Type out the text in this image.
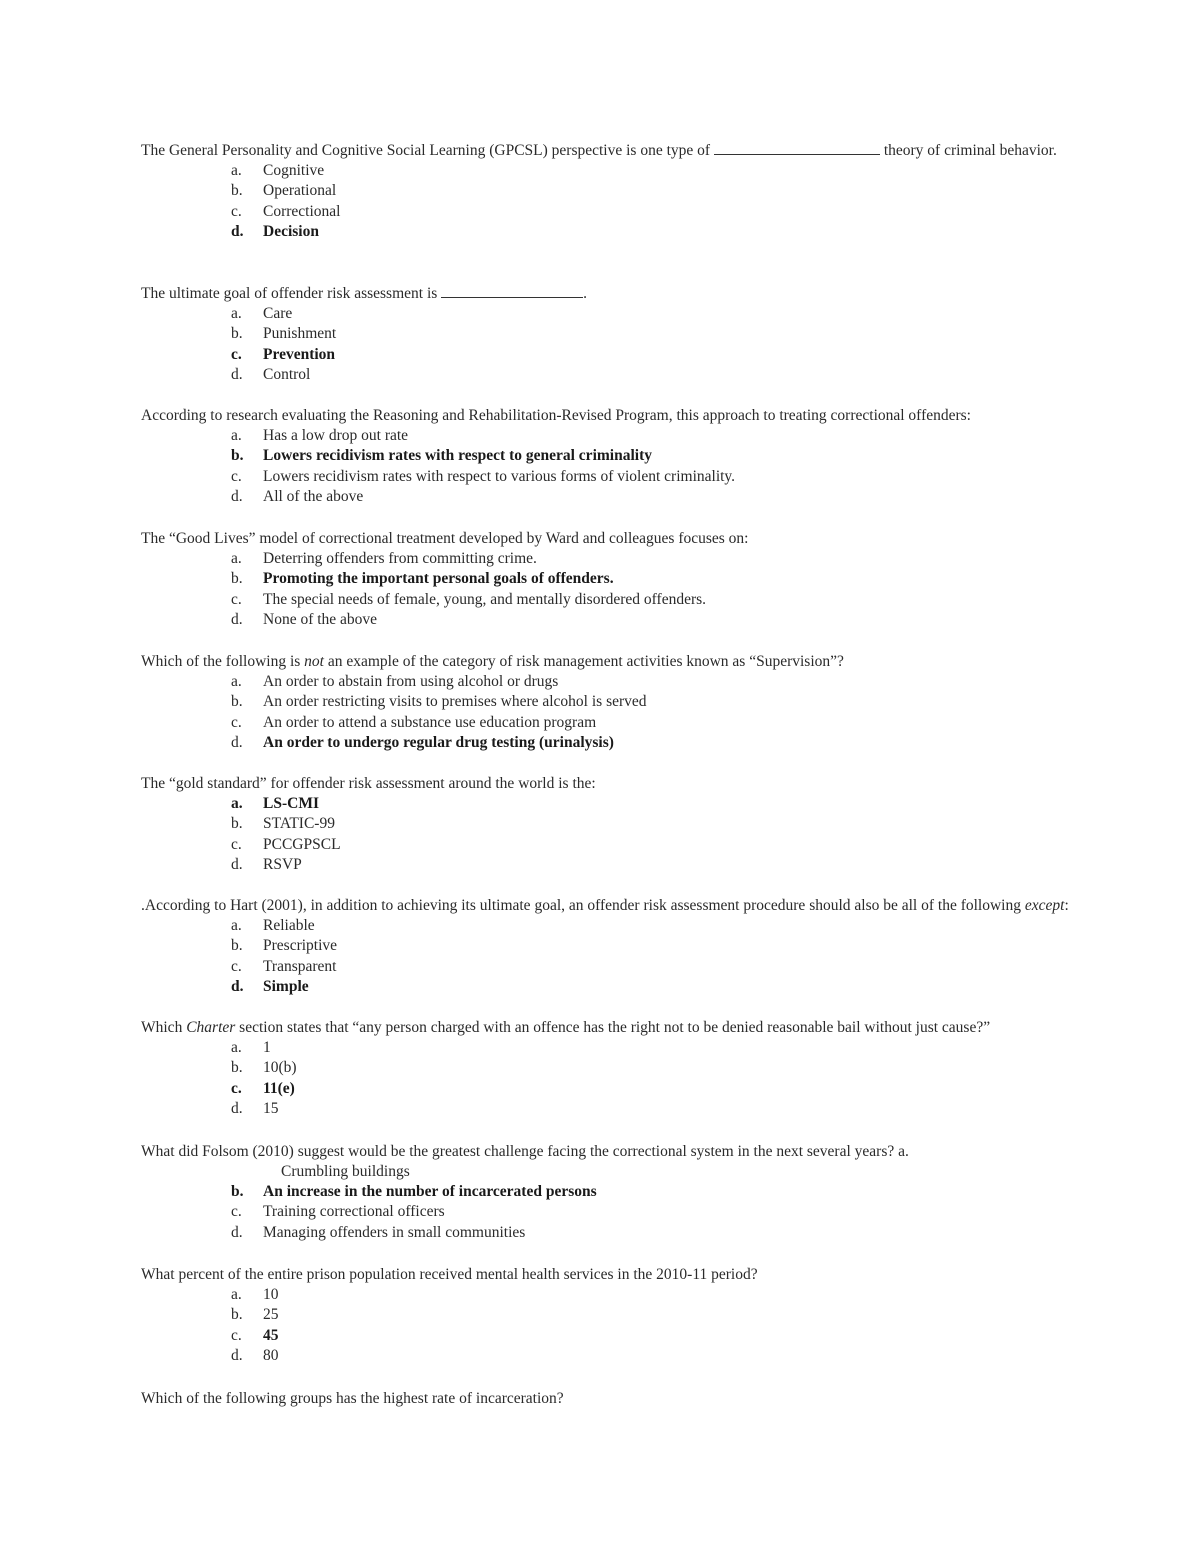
The General Personality and Cognitive Social Learning (GPCSL) perspective is one type of	theory of criminal behavior.

a.	Cognitive
b.	Operational
c.	Correctional
d.	Decision

The ultimate goal of offender risk assessment is	.

a.	Care
b.	Punishment
c.	Prevention
d.	Control

According to research evaluating the Reasoning and Rehabilitation-Revised Program, this approach to treating correctional offenders:

a.	Has a low drop out rate
b.	Lowers recidivism rates with respect to general criminality
c.	Lowers recidivism rates with respect to various forms of violent criminality.
d.	All of the above

The “Good Lives” model of correctional treatment developed by Ward and colleagues focuses on:

a.	Deterring offenders from committing crime.
b.	Promoting the important personal goals of offenders.
c.	The special needs of female, young, and mentally disordered offenders.
d.	None of the above

Which of the following is not an example of the category of risk management activities known as “Supervision”?

a.	An order to abstain from using alcohol or drugs
b.	An order restricting visits to premises where alcohol is served
c.	An order to attend a substance use education program
d.	An order to undergo regular drug testing (urinalysis)

The “gold standard” for offender risk assessment around the world is the:

a.	LS-CMI
b.	STATIC-99
c.	PCCGPSCL
d.	RSVP

.According to Hart (2001), in addition to achieving its ultimate goal, an offender risk assessment procedure should also be all of the following except:

a.	Reliable
b.	Prescriptive
c.	Transparent
d.	Simple

Which Charter section states that “any person charged with an offence has the right not to be denied reasonable bail without just cause?”

a.	1
b.	10(b)
c.	11(e)
d.	15

What did Folsom (2010) suggest would be the greatest challenge facing the correctional system in the next several years? a.

Crumbling buildings
b.	An increase in the number of incarcerated persons
c.	Training correctional officers
d.	Managing offenders in small communities

What percent of the entire prison population received mental health services in the 2010-11 period?

a.	10
b.	25
c.	45
d.	80

Which of the following groups has the highest rate of incarceration?
